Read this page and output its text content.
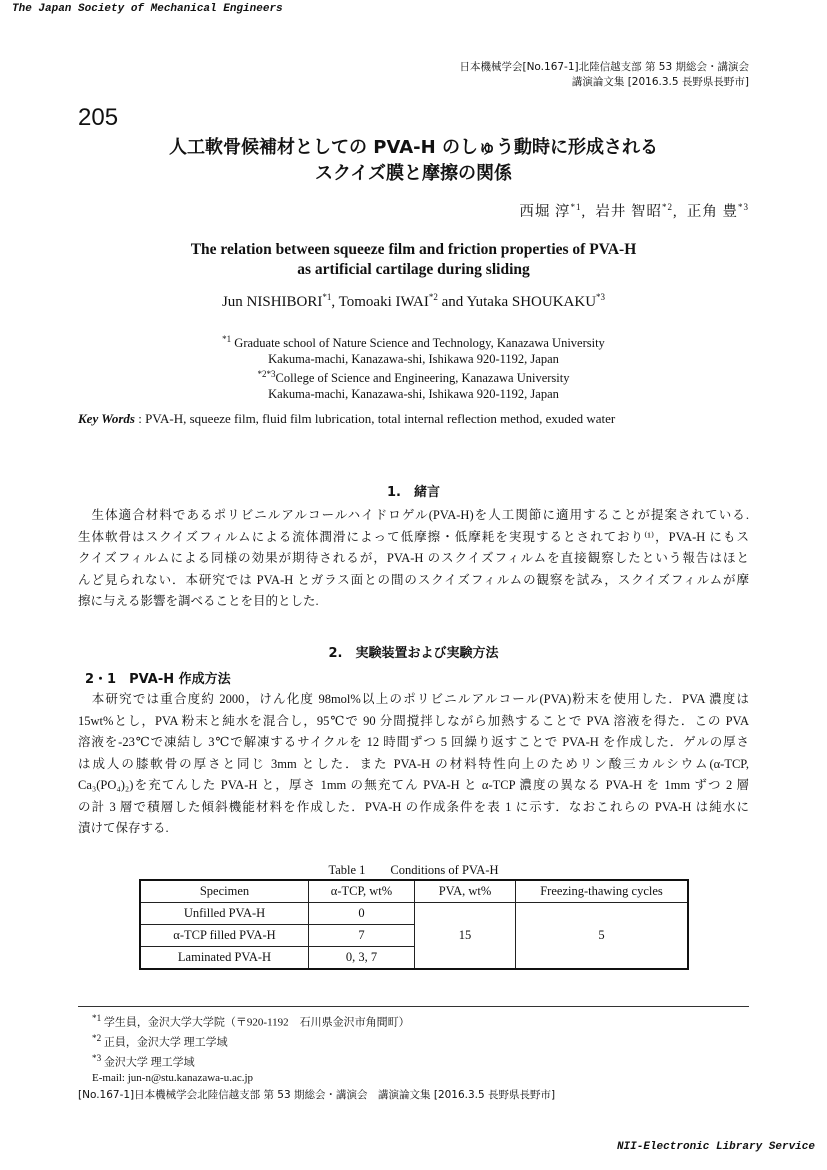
The Japan Society of Mechanical Engineers
日本機械学会[No.167-1]北陸信越支部 第 53 期総会・講演会
講演論文集 [2016.3.5 長野県長野市]
205
人工軟骨候補材としての PVA-H のしゅう動時に形成される
スクイズ膜と摩擦の関係
西堀 淳$^{*1}$,  岩井 智昭$^{*2}$,  正角 豊$^{*3}$
The relation between squeeze film and friction properties of PVA-H
as artificial cartilage during sliding
Jun NISHIBORI$^{*1}$, Tomoaki IWAI$^{*2}$ and Yutaka SHOUKAKU$^{*3}$
$^{*1}$ Graduate school of Nature Science and Technology, Kanazawa University
Kakuma-machi, Kanazawa-shi, Ishikawa 920-1192, Japan
$^{*2*3}$College of Science and Engineering, Kanazawa University
Kakuma-machi, Kanazawa-shi, Ishikawa 920-1192, Japan
Key Words : PVA-H, squeeze film, fluid film lubrication, total internal reflection method, exuded water
1.　緒言
　生体適合材料であるポリビニルアルコールハイドロゲル(PVA-H)を人工関節に適用することが提案されている.
生体軟骨はスクイズフィルムによる流体潤滑によって低摩擦・低摩耗を実現するとされており⁽¹⁾，PVA-H にもス
クイズフィルムによる同様の効果が期待されるが，PVA-H のスクイズフィルムを直接観察したという報告はほと
んど見られない．本研究では PVA-H とガラス面との間のスクイズフィルムの観察を試み，スクイズフィルムが摩
擦に与える影響を調べることを目的とした.
2.　実験装置および実験方法
2・1　PVA-H 作成方法
　本研究では重合度約 2000，けん化度 98mol%以上のポリビニルアルコール(PVA)粉末を使用した．PVA 濃度は
15wt%とし，PVA 粉末と純水を混合し，95℃で 90 分間撹拌しながら加熱することで PVA 溶液を得た．この PVA
溶液を-23℃で凍結し 3℃で解凍するサイクルを 12 時間ずつ 5 回繰り返すことで PVA-H を作成した．ゲルの厚さ
は成人の膝軟骨の厚さと同じ 3mm とした．また PVA-H の材料特性向上のためリン酸三カルシウム(α-TCP,
Ca₃(PO₄)₂)を充てんした PVA-H と，厚さ 1mm の無充てん PVA-H と α-TCP 濃度の異なる PVA-H を 1mm ずつ 2 層
の計 3 層で積層した傾斜機能材料を作成した．PVA-H の作成条件を表 1 に示す．なおこれらの PVA-H は純水に
漬けて保存する.
Table 1　　Conditions of PVA-H
Specimen	α-TCP, wt%	PVA, wt%	Freezing-thawing cycles
Unfilled PVA-H	0	15	5
α-TCP filled PVA-H	7		
Laminated PVA-H	0, 3, 7		
$^{*1}$ 学生員，金沢大学大学院（〒920-1192　石川県金沢市角間町）
$^{*2}$ 正員，金沢大学 理工学域
$^{*3}$ 金沢大学 理工学域
E-mail: jun-n@stu.kanazawa-u.ac.jp
[No.167-1]日本機械学会北陸信越支部 第 53 期総会・講演会　講演論文集 [2016.3.5 長野県長野市]
NII-Electronic Library Service
